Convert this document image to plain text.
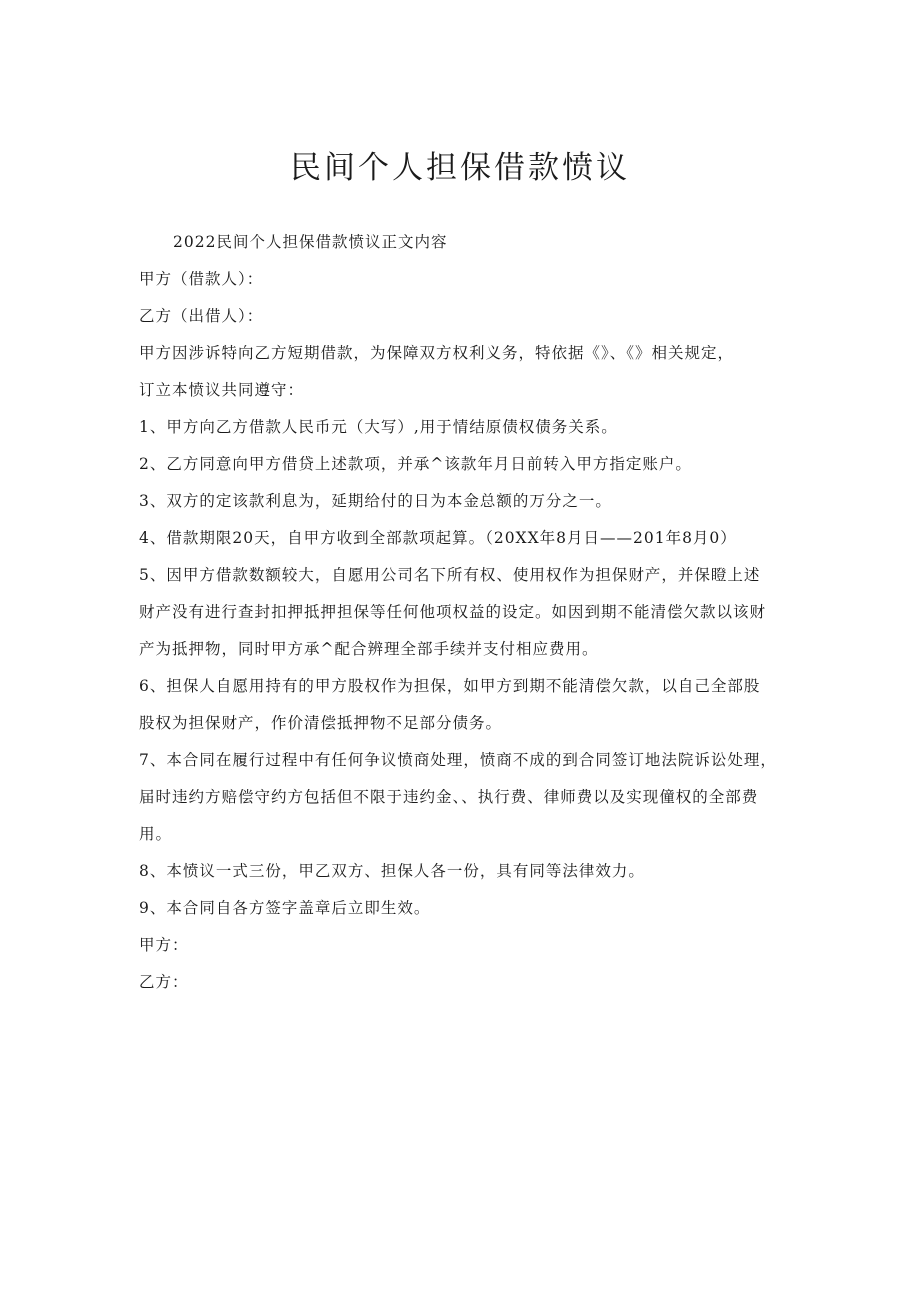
民间个人担保借款愤议

2022民间个人担保借款愤议正文内容

甲方（借款人）：

乙方（出借人）：

甲方因涉诉特向乙方短期借款，为保障双方权利义务，特依据《》、《》相关规定，

订立本愤议共同遵守：

1、甲方向乙方借款人民币元（大写）,用于情结原债权债务关系。

2、乙方同意向甲方借贷上述款项，并承^该款年月日前转入甲方指定账户。

3、双方的定该款利息为，延期给付的日为本金总额的万分之一。

4、借款期限20天，自甲方收到全部款项起算。（20XX年8月日——201年8月0）

5、因甲方借款数额较大，自愿用公司名下所有权、使用权作为担保财产，并保瞪上述

财产没有进行查封扣押抵押担保等任何他项权益的设定。如因到期不能清偿欠款以该财

产为抵押物，同时甲方承^配合辨理全部手续并支付相应费用。

6、担保人自愿用持有的甲方股权作为担保，如甲方到期不能清偿欠款，以自己全部股

股权为担保财产，作价清偿抵押物不足部分债务。

7、本合同在履行过程中有任何争议愤商处理，愤商不成的到合同签订地法院诉讼处理，

届时违约方赔偿守约方包括但不限于违约金、、执行费、律师费以及实现僮权的全部费

用。

8、本愤议一式三份，甲乙双方、担保人各一份，具有同等法律效力。

9、本合同自各方签字盖章后立即生效。

甲方：

乙方：
